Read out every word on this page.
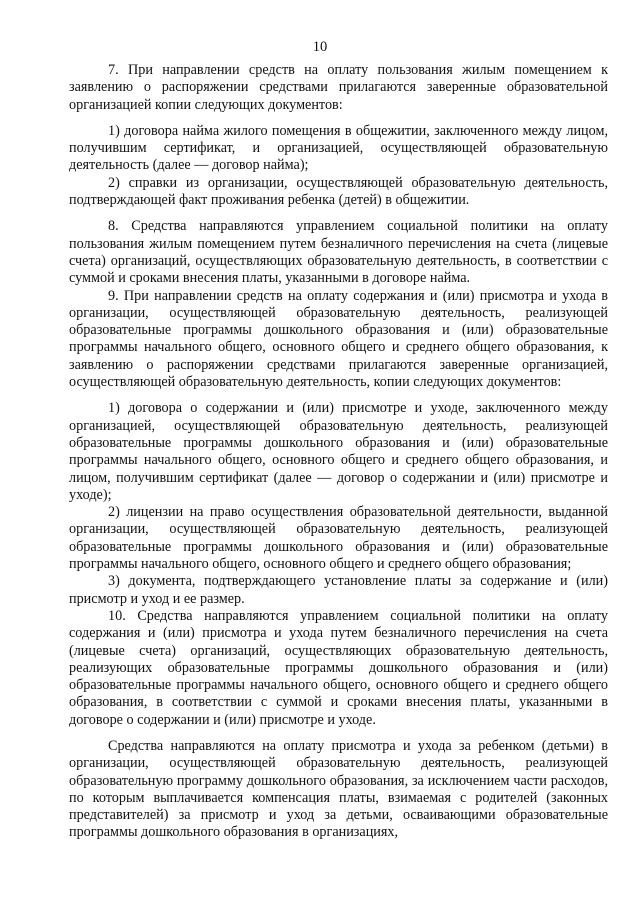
10

7. При направлении средств на оплату пользования жилым помещением к заявлению о распоряжении средствами прилагаются заверенные образовательной организацией копии следующих документов:

1) договора найма жилого помещения в общежитии, заключенного между лицом, получившим сертификат, и организацией, осуществляющей образовательную деятельность (далее — договор найма);

2) справки из организации, осуществляющей образовательную деятельность, подтверждающей факт проживания ребенка (детей) в общежитии.

8. Средства направляются управлением социальной политики на оплату пользования жилым помещением путем безналичного перечисления на счета (лицевые счета) организаций, осуществляющих образовательную деятельность, в соответствии с суммой и сроками внесения платы, указанными в договоре найма.

9. При направлении средств на оплату содержания и (или) присмотра и ухода в организации, осуществляющей образовательную деятельность, реализующей образовательные программы дошкольного образования и (или) образовательные программы начального общего, основного общего и среднего общего образования, к заявлению о распоряжении средствами прилагаются заверенные организацией, осуществляющей образовательную деятельность, копии следующих документов:

1) договора о содержании и (или) присмотре и уходе, заключенного между организацией, осуществляющей образовательную деятельность, реализующей образовательные программы дошкольного образования и (или) образовательные программы начального общего, основного общего и среднего общего образования, и лицом, получившим сертификат (далее — договор о содержании и (или) присмотре и уходе);

2) лицензии на право осуществления образовательной деятельности, выданной организации, осуществляющей образовательную деятельность, реализующей образовательные программы дошкольного образования и (или) образовательные программы начального общего, основного общего и среднего общего образования;

3) документа, подтверждающего установление платы за содержание и (или) присмотр и уход и ее размер.

10. Средства направляются управлением социальной политики на оплату содержания и (или) присмотра и ухода путем безналичного перечисления на счета (лицевые счета) организаций, осуществляющих образовательную деятельность, реализующих образовательные программы дошкольного образования и (или) образовательные программы начального общего, основного общего и среднего общего образования, в соответствии с суммой и сроками внесения платы, указанными в договоре о содержании и (или) присмотре и уходе.

Средства направляются на оплату присмотра и ухода за ребенком (детьми) в организации, осуществляющей образовательную деятельность, реализующей образовательную программу дошкольного образования, за исключением части расходов, по которым выплачивается компенсация платы, взимаемая с родителей (законных представителей) за присмотр и уход за детьми, осваивающими образовательные программы дошкольного образования в организациях,
